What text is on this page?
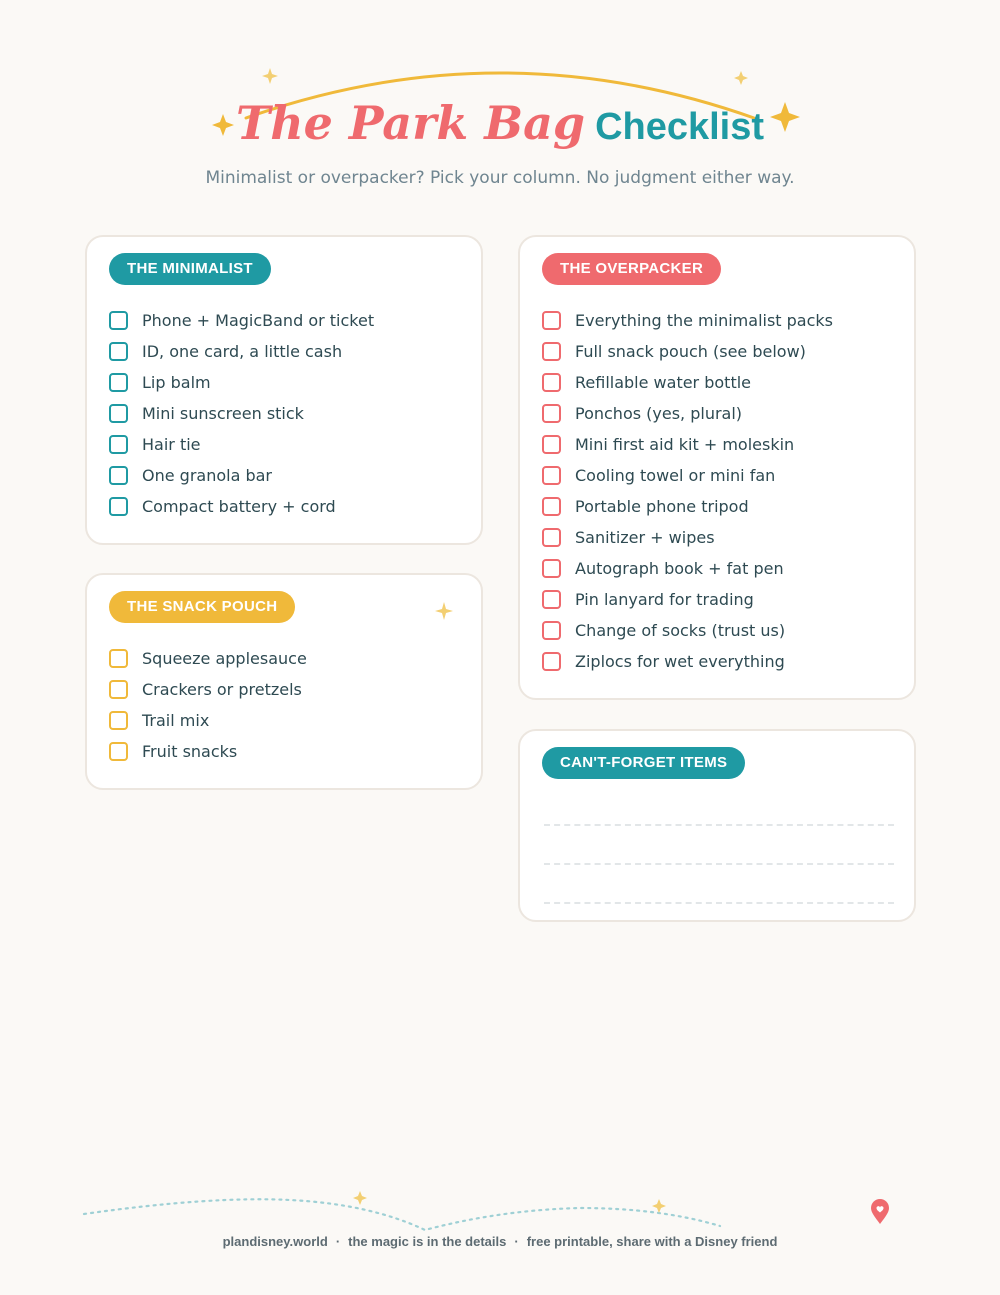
The Park Bag Checklist
Minimalist or overpacker? Pick your column. No judgment either way.
THE MINIMALIST
Phone + MagicBand or ticket
ID, one card, a little cash
Lip balm
Mini sunscreen stick
Hair tie
One granola bar
Compact battery + cord
THE SNACK POUCH
Squeeze applesauce
Crackers or pretzels
Trail mix
Fruit snacks
THE OVERPACKER
Everything the minimalist packs
Full snack pouch (see below)
Refillable water bottle
Ponchos (yes, plural)
Mini first aid kit + moleskin
Cooling towel or mini fan
Portable phone tripod
Sanitizer + wipes
Autograph book + fat pen
Pin lanyard for trading
Change of socks (trust us)
Ziplocs for wet everything
CAN'T-FORGET ITEMS
plandisney.world · the magic is in the details · free printable, share with a Disney friend
